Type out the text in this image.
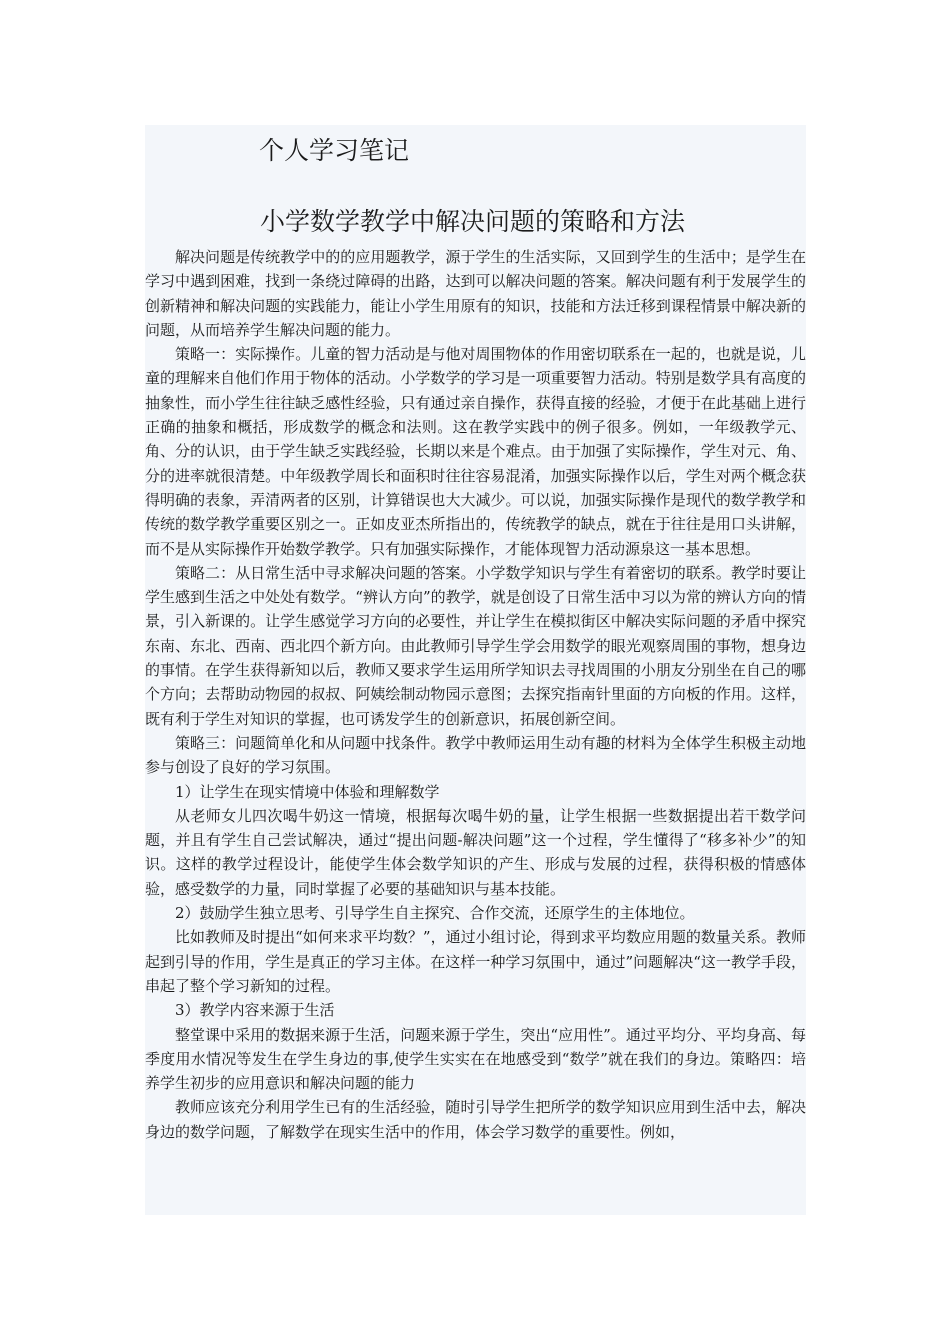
个人学习笔记
小学数学教学中解决问题的策略和方法

解决问题是传统教学中的的应用题教学，源于学生的生活实际，又回到学生的生活中；是学生在学习中遇到困难，找到一条绕过障碍的出路，达到可以解决问题的答案。解决问题有利于发展学生的创新精神和解决问题的实践能力，能让小学生用原有的知识，技能和方法迁移到课程情景中解决新的问题，从而培养学生解决问题的能力。

策略一：实际操作。儿童的智力活动是与他对周围物体的作用密切联系在一起的，也就是说，儿童的理解来自他们作用于物体的活动。小学数学的学习是一项重要智力活动。特别是数学具有高度的抽象性，而小学生往往缺乏感性经验，只有通过亲自操作，获得直接的经验，才便于在此基础上进行正确的抽象和概括，形成数学的概念和法则。这在教学实践中的例子很多。例如，一年级教学元、角、分的认识，由于学生缺乏实践经验，长期以来是个难点。由于加强了实际操作，学生对元、角、分的进率就很清楚。中年级教学周长和面积时往往容易混淆，加强实际操作以后，学生对两个概念获得明确的表象，弄清两者的区别，计算错误也大大减少。可以说，加强实际操作是现代的数学教学和传统的数学教学重要区别之一。正如皮亚杰所指出的，传统教学的缺点，就在于往往是用口头讲解，而不是从实际操作开始数学教学。只有加强实际操作，才能体现智力活动源泉这一基本思想。

策略二：从日常生活中寻求解决问题的答案。小学数学知识与学生有着密切的联系。教学时要让学生感到生活之中处处有数学。“辨认方向”的教学，就是创设了日常生活中习以为常的辨认方向的情景，引入新课的。让学生感觉学习方向的必要性，并让学生在模拟街区中解决实际问题的矛盾中探究东南、东北、西南、西北四个新方向。由此教师引导学生学会用数学的眼光观察周围的事物，想身边的事情。在学生获得新知以后，教师又要求学生运用所学知识去寻找周围的小朋友分别坐在自己的哪个方向；去帮助动物园的叔叔、阿姨绘制动物园示意图；去探究指南针里面的方向板的作用。这样，既有利于学生对知识的掌握，也可诱发学生的创新意识，拓展创新空间。

策略三：问题简单化和从问题中找条件。教学中教师运用生动有趣的材料为全体学生积极主动地参与创设了良好的学习氛围。

1）让学生在现实情境中体验和理解数学

从老师女儿四次喝牛奶这一情境，根据每次喝牛奶的量，让学生根据一些数据提出若干数学问题，并且有学生自己尝试解决，通过“提出问题-解决问题”这一个过程，学生懂得了“移多补少”的知识。这样的教学过程设计，能使学生体会数学知识的产生、形成与发展的过程，获得积极的情感体验，感受数学的力量，同时掌握了必要的基础知识与基本技能。

2）鼓励学生独立思考、引导学生自主探究、合作交流，还原学生的主体地位。

比如教师及时提出“如何来求平均数？”，通过小组讨论，得到求平均数应用题的数量关系。教师起到引导的作用，学生是真正的学习主体。在这样一种学习氛围中，通过”问题解决“这一教学手段，串起了整个学习新知的过程。

3）教学内容来源于生活

整堂课中采用的数据来源于生活，问题来源于学生，突出“应用性”。通过平均分、平均身高、每季度用水情况等发生在学生身边的事,使学生实实在在地感受到“数学”就在我们的身边。策略四：培养学生初步的应用意识和解决问题的能力

教师应该充分利用学生已有的生活经验，随时引导学生把所学的数学知识应用到生活中去，解决身边的数学问题，了解数学在现实生活中的作用，体会学习数学的重要性。例如，
